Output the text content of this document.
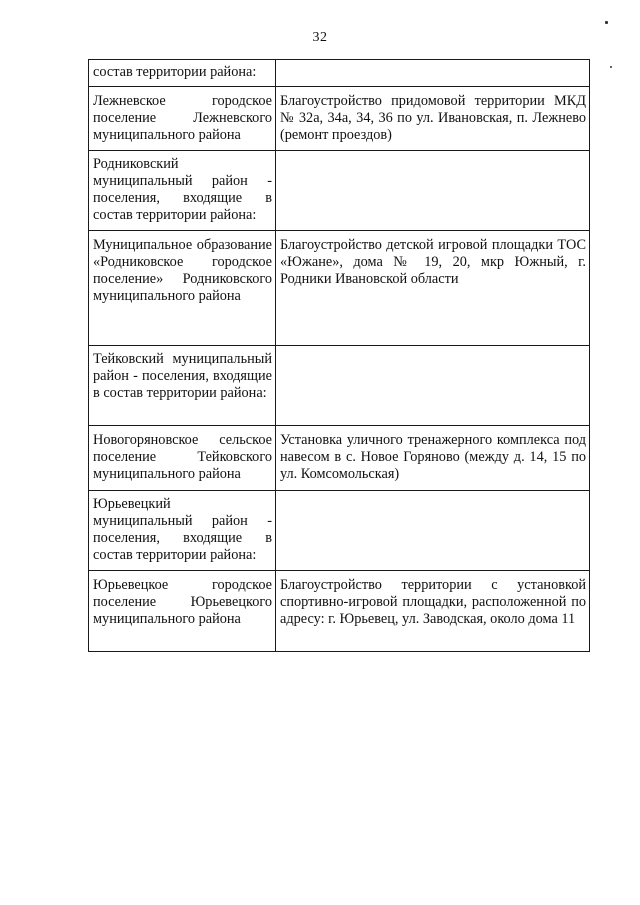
32
состав территории района:	

Лежневское городское поселение Лежневского муниципального района	Благоустройство придомовой территории МКД № 32а, 34а, 34, 36 по ул. Ивановская, п. Лежнево (ремонт проездов)

Родниковский муниципальный район - поселения, входящие в состав территории района:	

Муниципальное образование «Родниковское городское поселение» Родниковского муниципального района	Благоустройство детской игровой площадки ТОС «Южане», дома № 19, 20, мкр Южный, г. Родники Ивановской области

Тейковский муниципальный район - поселения, входящие в состав территории района:	

Новогоряновское сельское поселение Тейковского муниципального района	Установка уличного тренажерного комплекса под навесом в с. Новое Горяново (между д. 14, 15 по ул. Комсомольская)

Юрьевецкий муниципальный район - поселения, входящие в состав территории района:	

Юрьевецкое городское поселение Юрьевецкого муниципального района	Благоустройство территории с установкой спортивно-игровой площадки, расположенной по адресу: г. Юрьевец, ул. Заводская, около дома 11
